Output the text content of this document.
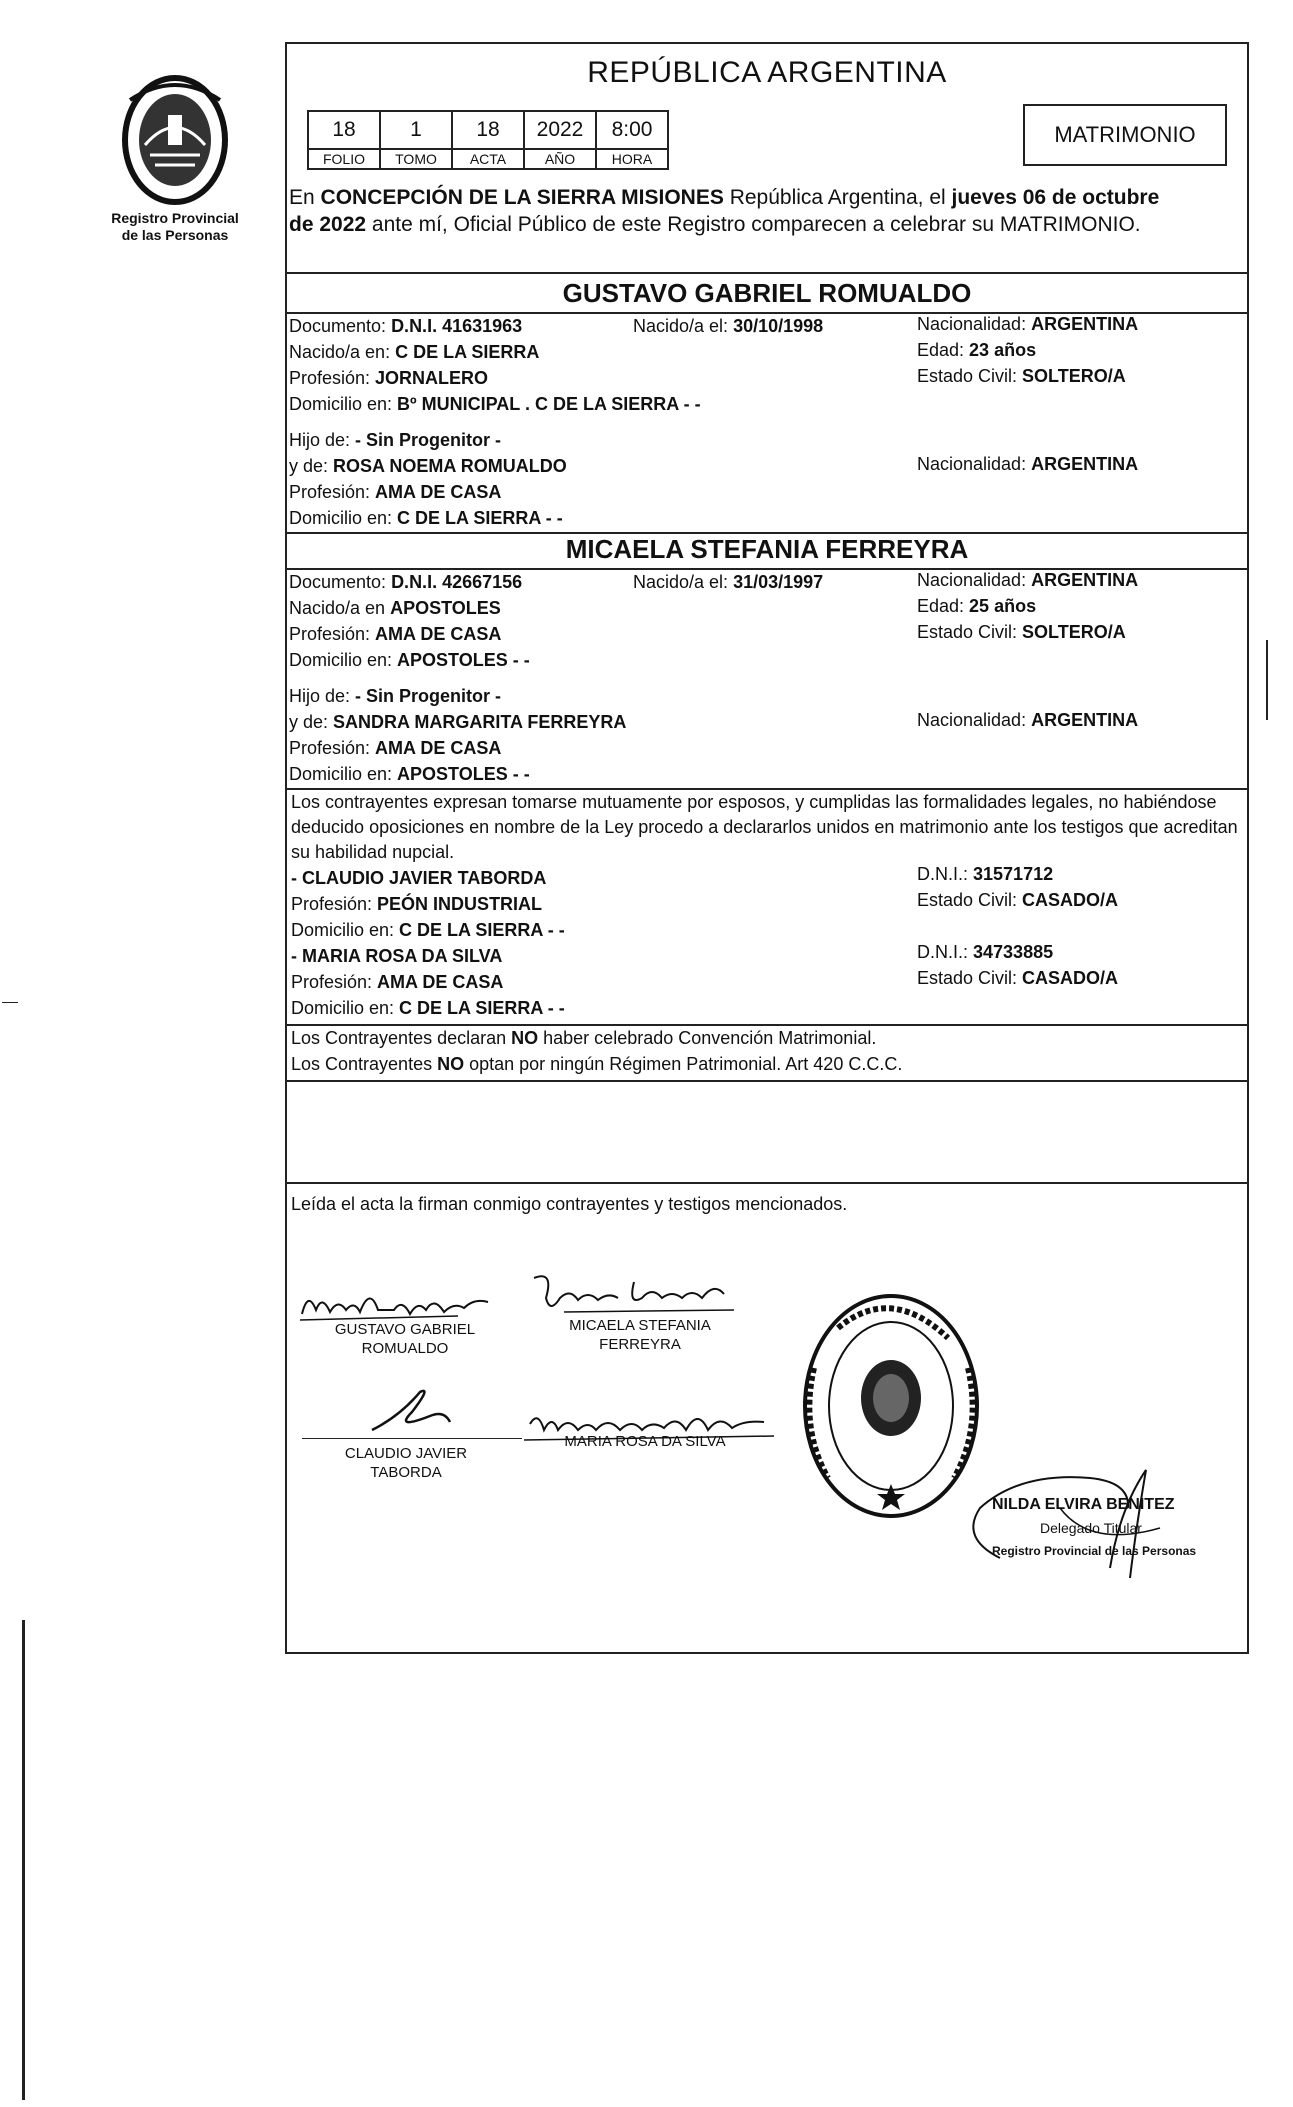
Registro Provincial
de las Personas
REPÚBLICA ARGENTINA
18	1	18	2022	8:00
FOLIO	TOMO	ACTA	AÑO	HORA
MATRIMONIO
En CONCEPCIÓN DE LA SIERRA MISIONES República Argentina, el jueves 06 de octubre
de 2022 ante mí, Oficial Público de este Registro comparecen a celebrar su MATRIMONIO.
GUSTAVO GABRIEL ROMUALDO
Documento: D.N.I. 41631963	Nacido/a el: 30/10/1998	Nacionalidad: ARGENTINA
Nacido/a en: C DE LA SIERRA	Edad: 23 años
Profesión: JORNALERO	Estado Civil: SOLTERO/A
Domicilio en: Bº MUNICIPAL . C DE LA SIERRA - -
Hijo de: - Sin Progenitor -
y de: ROSA NOEMA ROMUALDO	Nacionalidad: ARGENTINA
Profesión: AMA DE CASA
Domicilio en: C DE LA SIERRA - -
MICAELA STEFANIA FERREYRA
Documento: D.N.I. 42667156	Nacido/a el: 31/03/1997	Nacionalidad: ARGENTINA
Nacido/a en APOSTOLES	Edad: 25 años
Profesión: AMA DE CASA	Estado Civil: SOLTERO/A
Domicilio en: APOSTOLES - -
Hijo de: - Sin Progenitor -
y de: SANDRA MARGARITA FERREYRA	Nacionalidad: ARGENTINA
Profesión: AMA DE CASA
Domicilio en: APOSTOLES - -
Los contrayentes expresan tomarse mutuamente por esposos, y cumplidas las formalidades legales, no habiéndose deducido oposiciones en nombre de la Ley procedo a declararlos unidos en matrimonio ante los testigos que acreditan su habilidad nupcial.
- CLAUDIO JAVIER TABORDA	D.N.I.: 31571712
Profesión: PEÓN INDUSTRIAL	Estado Civil: CASADO/A
Domicilio en: C DE LA SIERRA - -
- MARIA ROSA DA SILVA	D.N.I.: 34733885
Profesión: AMA DE CASA	Estado Civil: CASADO/A
Domicilio en: C DE LA SIERRA - -
Los Contrayentes declaran NO haber celebrado Convención Matrimonial.
Los Contrayentes NO optan por ningún Régimen Patrimonial. Art 420 C.C.C.
Leída el acta la firman conmigo contrayentes y testigos mencionados.
GUSTAVO GABRIEL
ROMUALDO
MICAELA STEFANIA
FERREYRA
CLAUDIO JAVIER
TABORDA
MARIA ROSA DA SILVA
NILDA ELVIRA BENITEZ
Delegado Titular
Registro Provincial de las Personas
